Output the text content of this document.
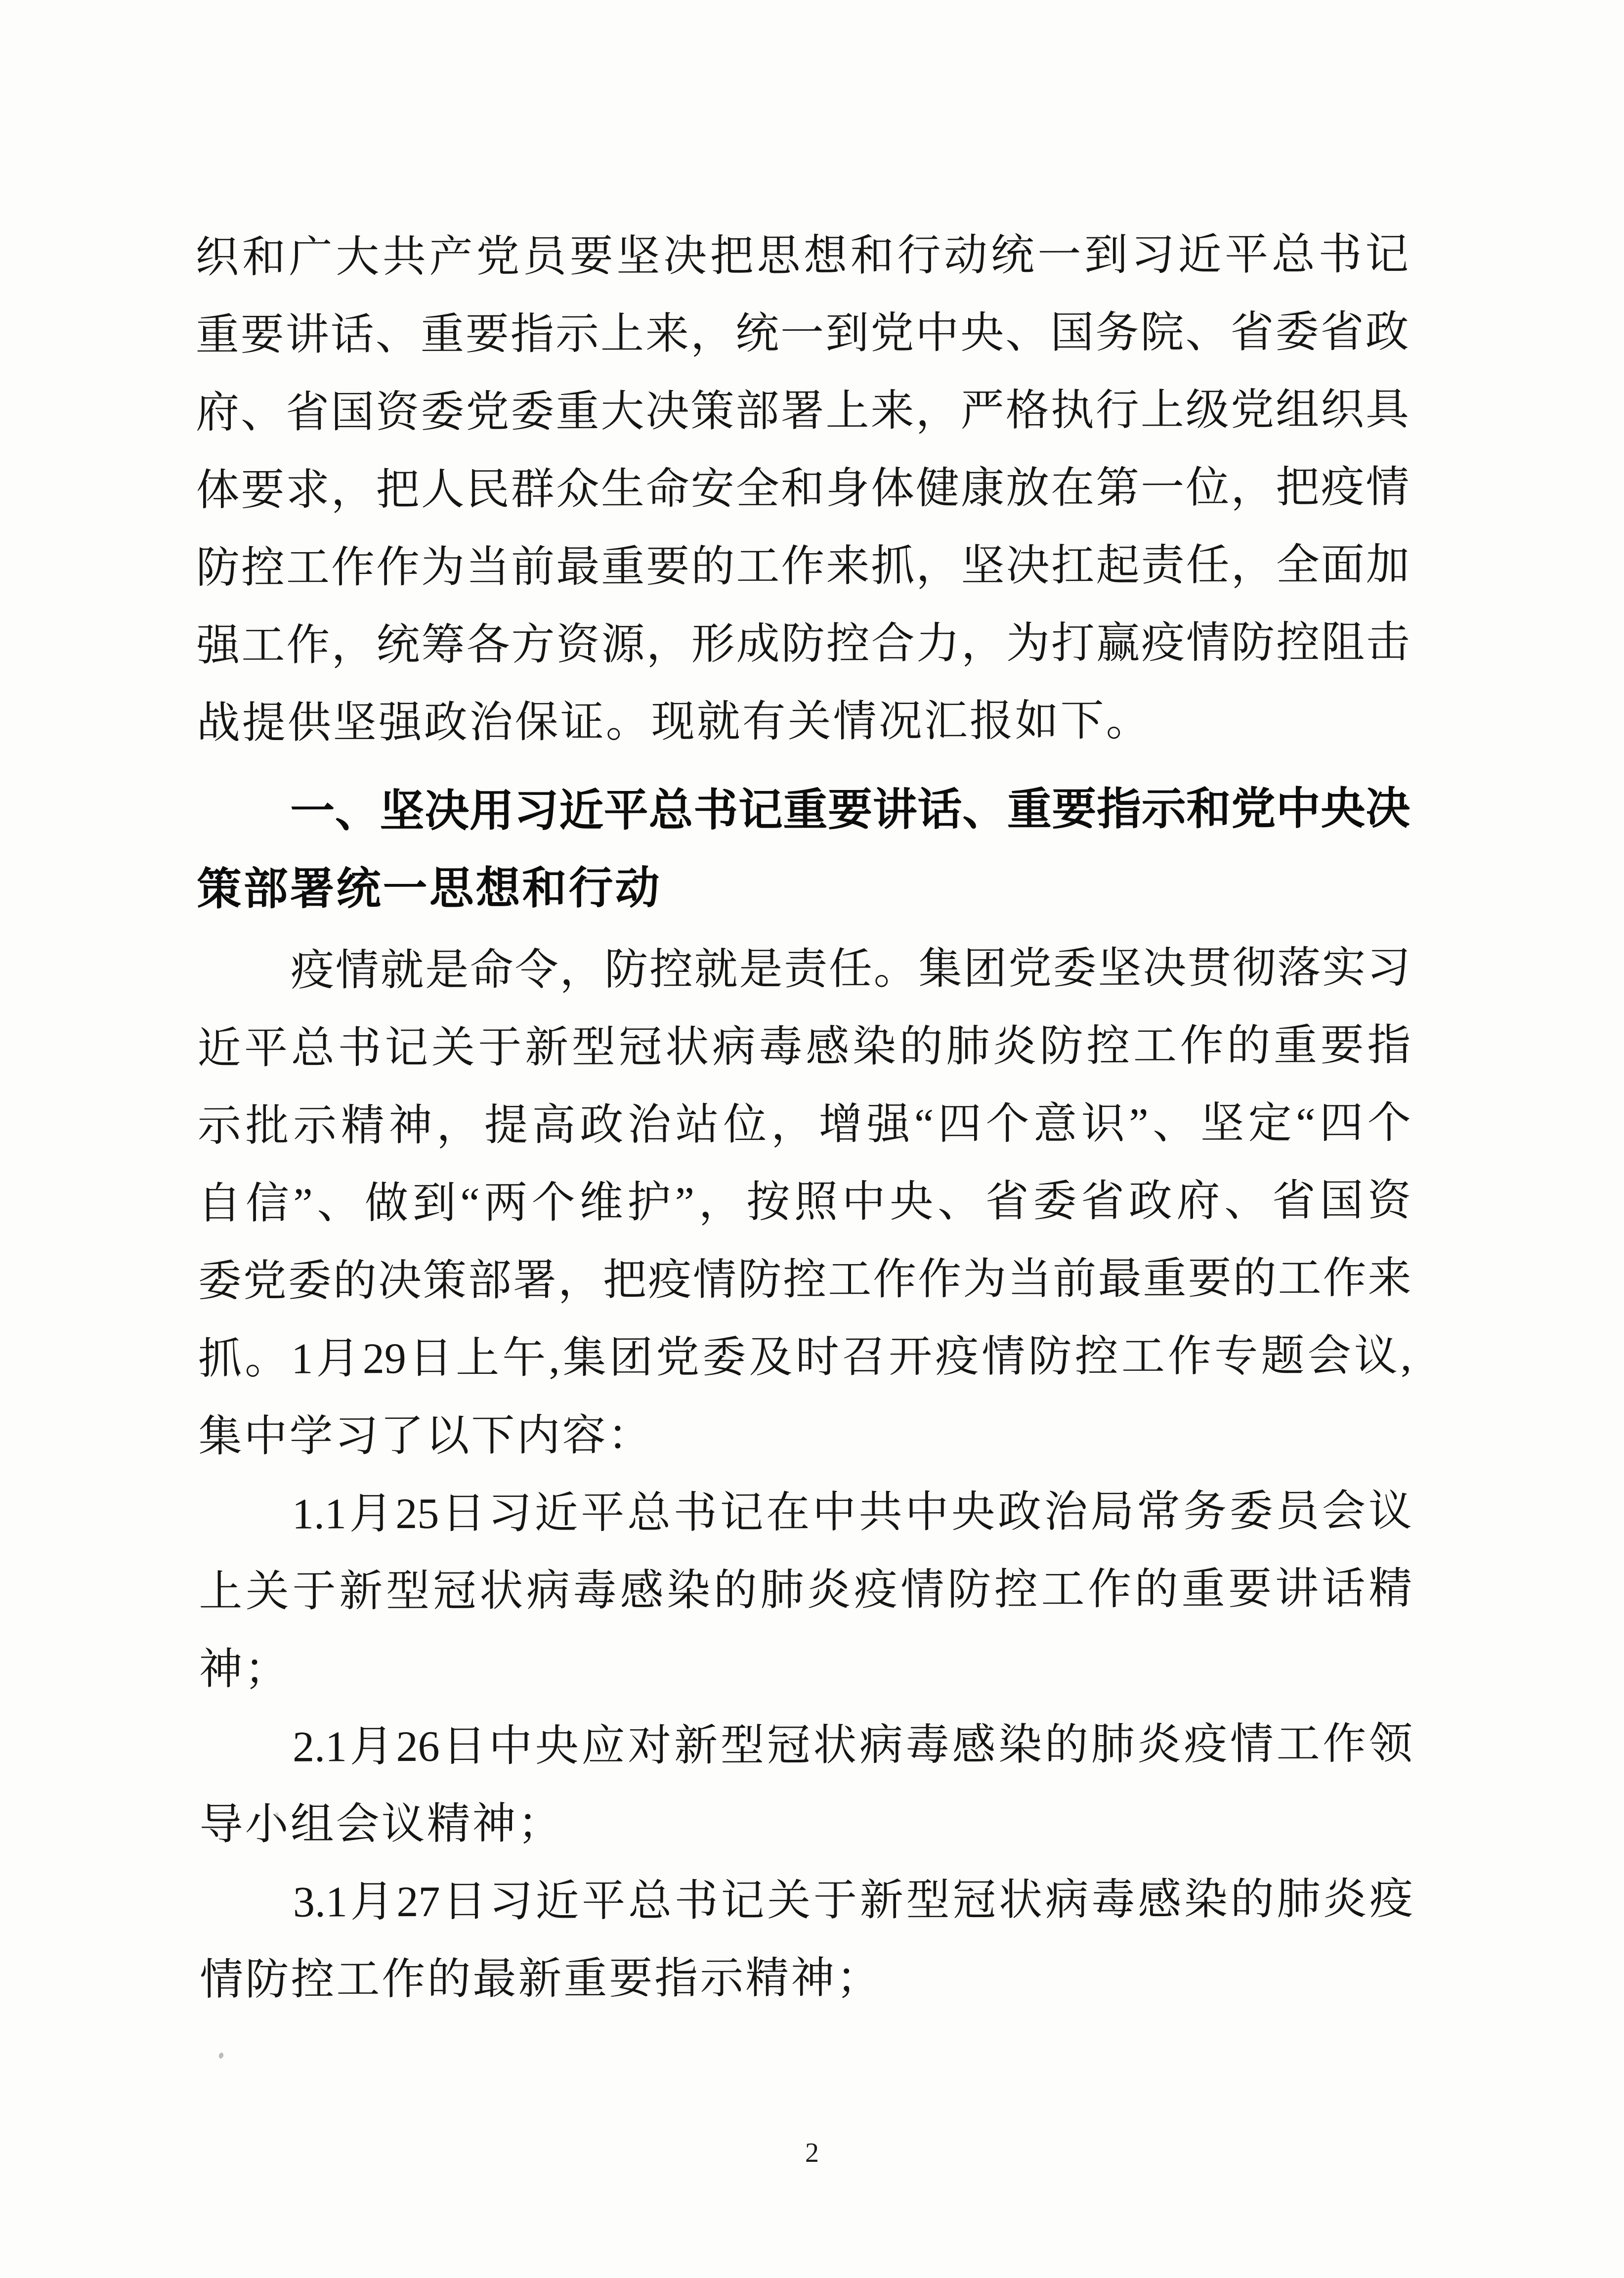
织和广大共产党员要坚决把思想和行动统一到习近平总书记
重要讲话、重要指示上来，统一到党中央、国务院、省委省政
府、省国资委党委重大决策部署上来，严格执行上级党组织具
体要求，把人民群众生命安全和身体健康放在第一位，把疫情
防控工作作为当前最重要的工作来抓，坚决扛起责任，全面加
强工作，统筹各方资源，形成防控合力，为打赢疫情防控阻击
战提供坚强政治保证。现就有关情况汇报如下。
一、坚决用习近平总书记重要讲话、重要指示和党中央决
策部署统一思想和行动
疫情就是命令，防控就是责任。集团党委坚决贯彻落实习
近平总书记关于新型冠状病毒感染的肺炎防控工作的重要指
示批示精神，提高政治站位，增强“四个意识”、坚定“四个
自信”、做到“两个维护”，按照中央、省委省政府、省国资
委党委的决策部署，把疫情防控工作作为当前最重要的工作来
抓。1月29日上午,集团党委及时召开疫情防控工作专题会议,
集中学习了以下内容：
1.1月25日习近平总书记在中共中央政治局常务委员会议
上关于新型冠状病毒感染的肺炎疫情防控工作的重要讲话精
神；
2.1月26日中央应对新型冠状病毒感染的肺炎疫情工作领
导小组会议精神；
3.1月27日习近平总书记关于新型冠状病毒感染的肺炎疫
情防控工作的最新重要指示精神；
2
